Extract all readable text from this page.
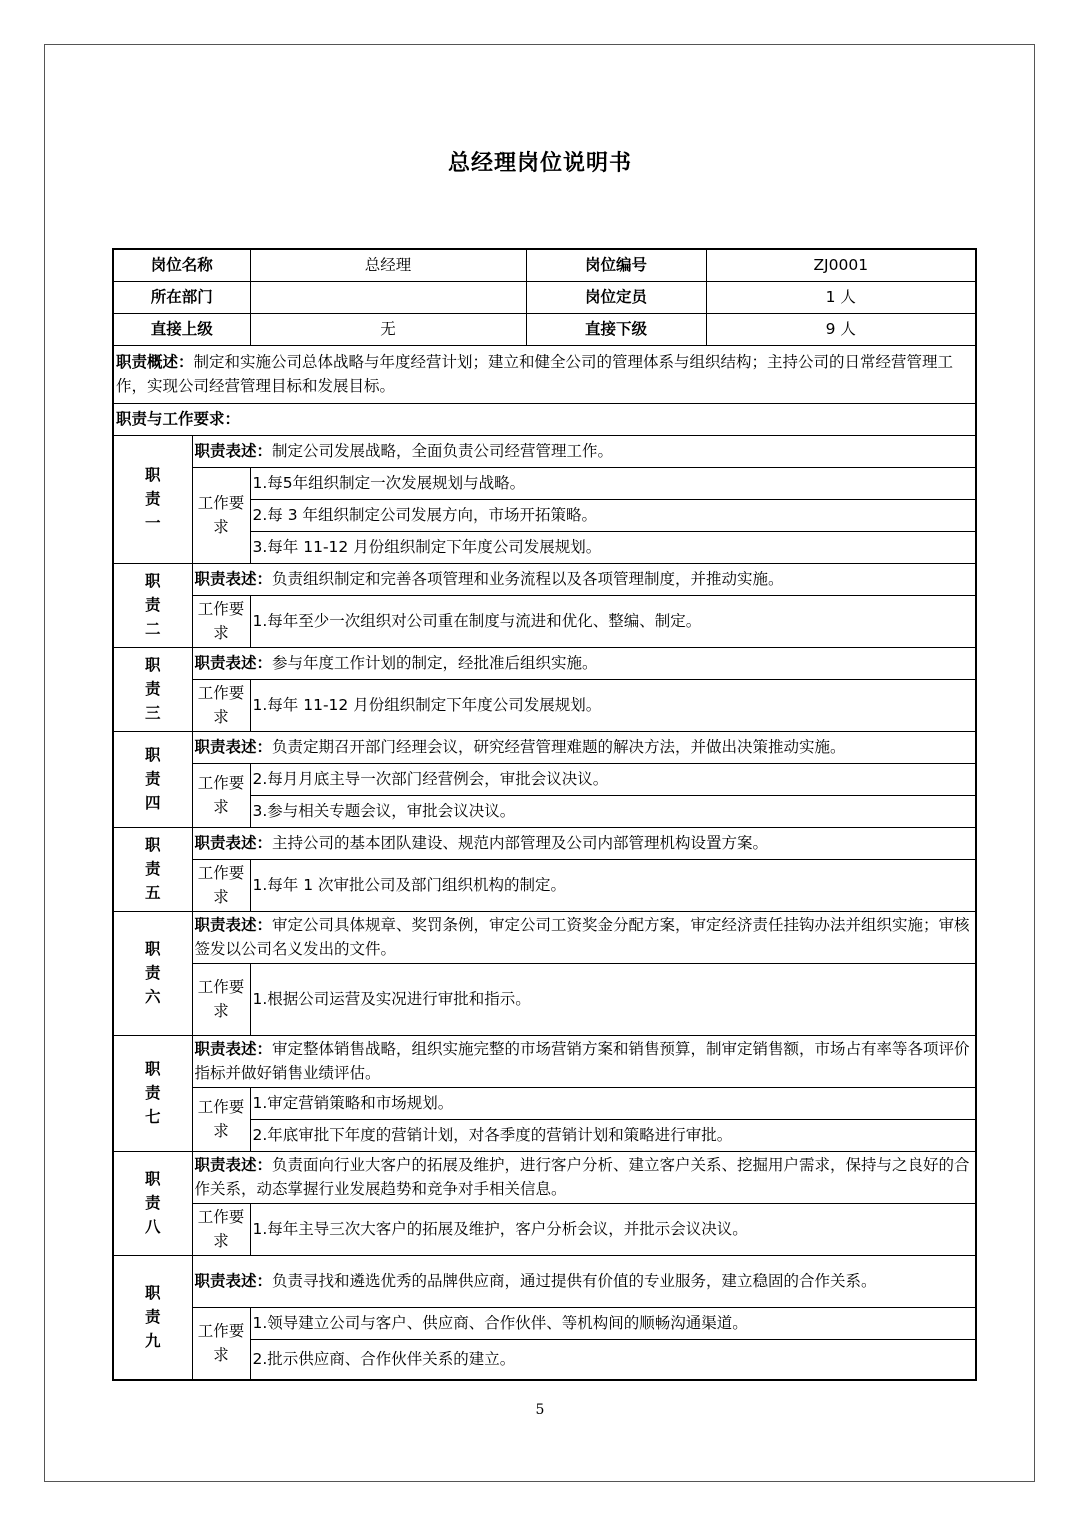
总经理岗位说明书
岗位名称		总经理	岗位编号	ZJ0001
所在部门			岗位定员	1 人
直接上级		无	直接下级	9 人
职责概述：制定和实施公司总体战略与年度经营计划；建立和健全公司的管理体系与组织结构；主持公司的日常经营管理工作，实现公司经营管理目标和发展目标。				
职责与工作要求：				
职
责
一	职责表述：制定公司发展战略，全面负责公司经营管理工作。			
	工作要求	1.每5年组织制定一次发展规划与战略。		
		2.每 3 年组织制定公司发展方向，市场开拓策略。		
		3.每年 11-12 月份组织制定下年度公司发展规划。		
职
责
二	职责表述：负责组织制定和完善各项管理和业务流程以及各项管理制度，并推动实施。			
	工作要求	1.每年至少一次组织对公司重在制度与流进和优化、整编、制定。		
职
责
三	职责表述：参与年度工作计划的制定，经批准后组织实施。			
	工作要求	1.每年 11-12 月份组织制定下年度公司发展规划。		
职
责
四	职责表述：负责定期召开部门经理会议，研究经营管理难题的解决方法，并做出决策推动实施。			
	工作要求	2.每月月底主导一次部门经营例会，审批会议决议。		
		3.参与相关专题会议，审批会议决议。		
职
责
五	职责表述：主持公司的基本团队建设、规范内部管理及公司内部管理机构设置方案。			
	工作要求	1.每年 1 次审批公司及部门组织机构的制定。		
职
责
六	职责表述：审定公司具体规章、奖罚条例，审定公司工资奖金分配方案，审定经济责任挂钩办法并组织实施；审核签发以公司名义发出的文件。			
	工作要求	1.根据公司运营及实况进行审批和指示。		
职
责
七	职责表述：审定整体销售战略，组织实施完整的市场营销方案和销售预算，制审定销售额，市场占有率等各项评价指标并做好销售业绩评估。			
	工作要求	1.审定营销策略和市场规划。		
		2.年底审批下年度的营销计划，对各季度的营销计划和策略进行审批。		
职
责
八	职责表述：负责面向行业大客户的拓展及维护，进行客户分析、建立客户关系、挖掘用户需求，保持与之良好的合作关系，动态掌握行业发展趋势和竞争对手相关信息。			
	工作要求	1.每年主导三次大客户的拓展及维护，客户分析会议，并批示会议决议。		
职
责
九	职责表述：负责寻找和遴选优秀的品牌供应商，通过提供有价值的专业服务，建立稳固的合作关系。			
	工作要求	1.领导建立公司与客户、供应商、合作伙伴、等机构间的顺畅沟通渠道。		
		2.批示供应商、合作伙伴关系的建立。		
5
